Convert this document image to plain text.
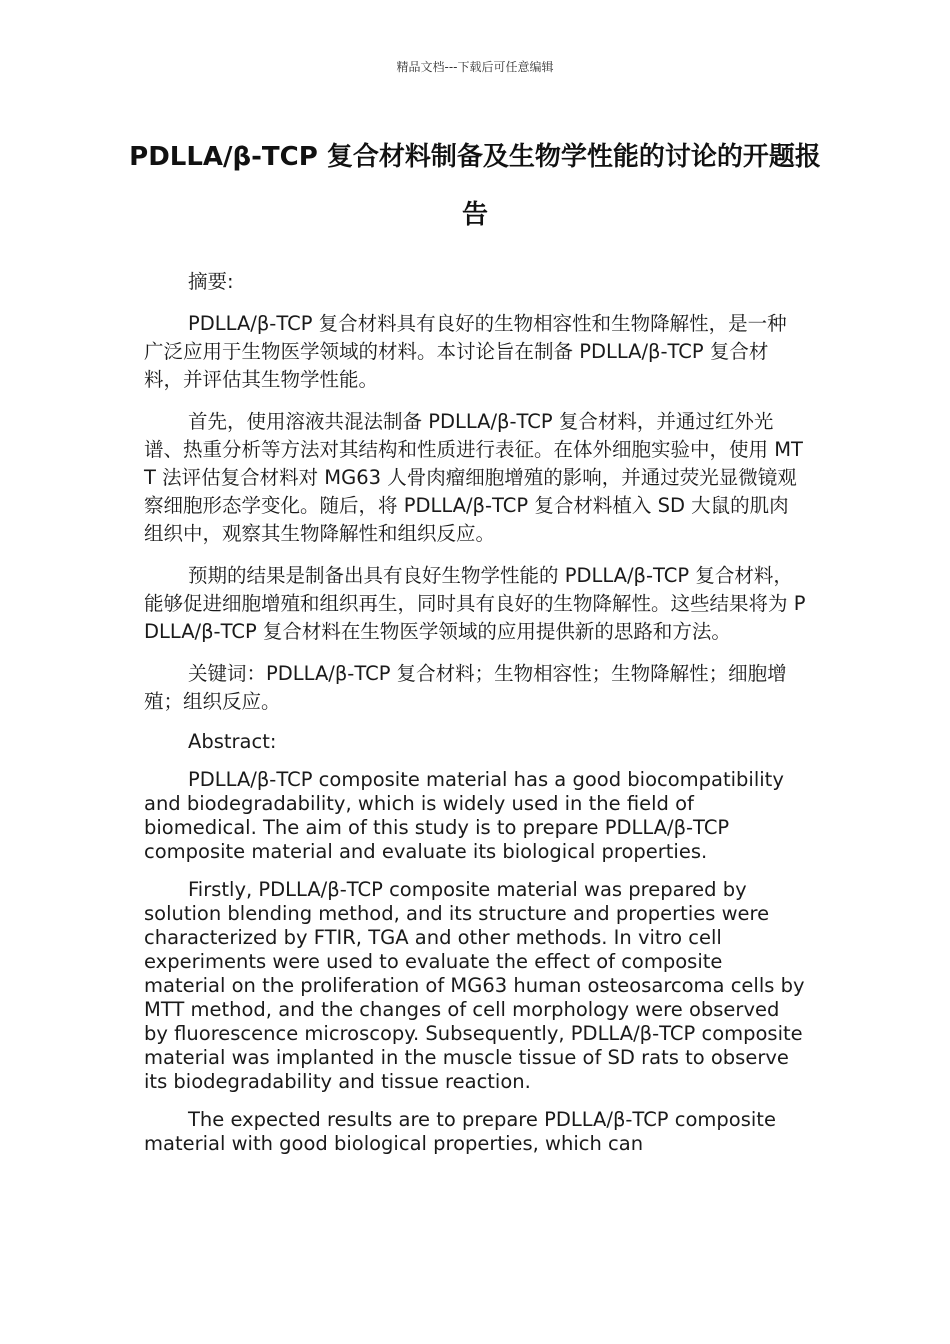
精品文档---下载后可任意编辑
PDLLA/β-TCP 复合材料制备及生物学性能的讨论的开题报告

摘要:

PDLLA/β-TCP 复合材料具有良好的生物相容性和生物降解性，是一种广泛应用于生物医学领域的材料。本讨论旨在制备 PDLLA/β-TCP 复合材料，并评估其生物学性能。

首先，使用溶液共混法制备 PDLLA/β-TCP 复合材料，并通过红外光谱、热重分析等方法对其结构和性质进行表征。在体外细胞实验中，使用 MTT 法评估复合材料对 MG63 人骨肉瘤细胞增殖的影响，并通过荧光显微镜观察细胞形态学变化。随后，将 PDLLA/β-TCP 复合材料植入 SD 大鼠的肌肉组织中，观察其生物降解性和组织反应。

预期的结果是制备出具有良好生物学性能的 PDLLA/β-TCP 复合材料，能够促进细胞增殖和组织再生，同时具有良好的生物降解性。这些结果将为 PDLLA/β-TCP 复合材料在生物医学领域的应用提供新的思路和方法。

关键词：PDLLA/β-TCP 复合材料；生物相容性；生物降解性；细胞增殖；组织反应。

Abstract:

PDLLA/β-TCP composite material has a good biocompatibility and biodegradability, which is widely used in the field of biomedical. The aim of this study is to prepare PDLLA/β-TCP composite material and evaluate its biological properties.

Firstly, PDLLA/β-TCP composite material was prepared by solution blending method, and its structure and properties were characterized by FTIR, TGA and other methods. In vitro cell experiments were used to evaluate the effect of composite material on the proliferation of MG63 human osteosarcoma cells by MTT method, and the changes of cell morphology were observed by fluorescence microscopy. Subsequently, PDLLA/β-TCP composite material was implanted in the muscle tissue of SD rats to observe its biodegradability and tissue reaction.

The expected results are to prepare PDLLA/β-TCP composite material with good biological properties, which can
